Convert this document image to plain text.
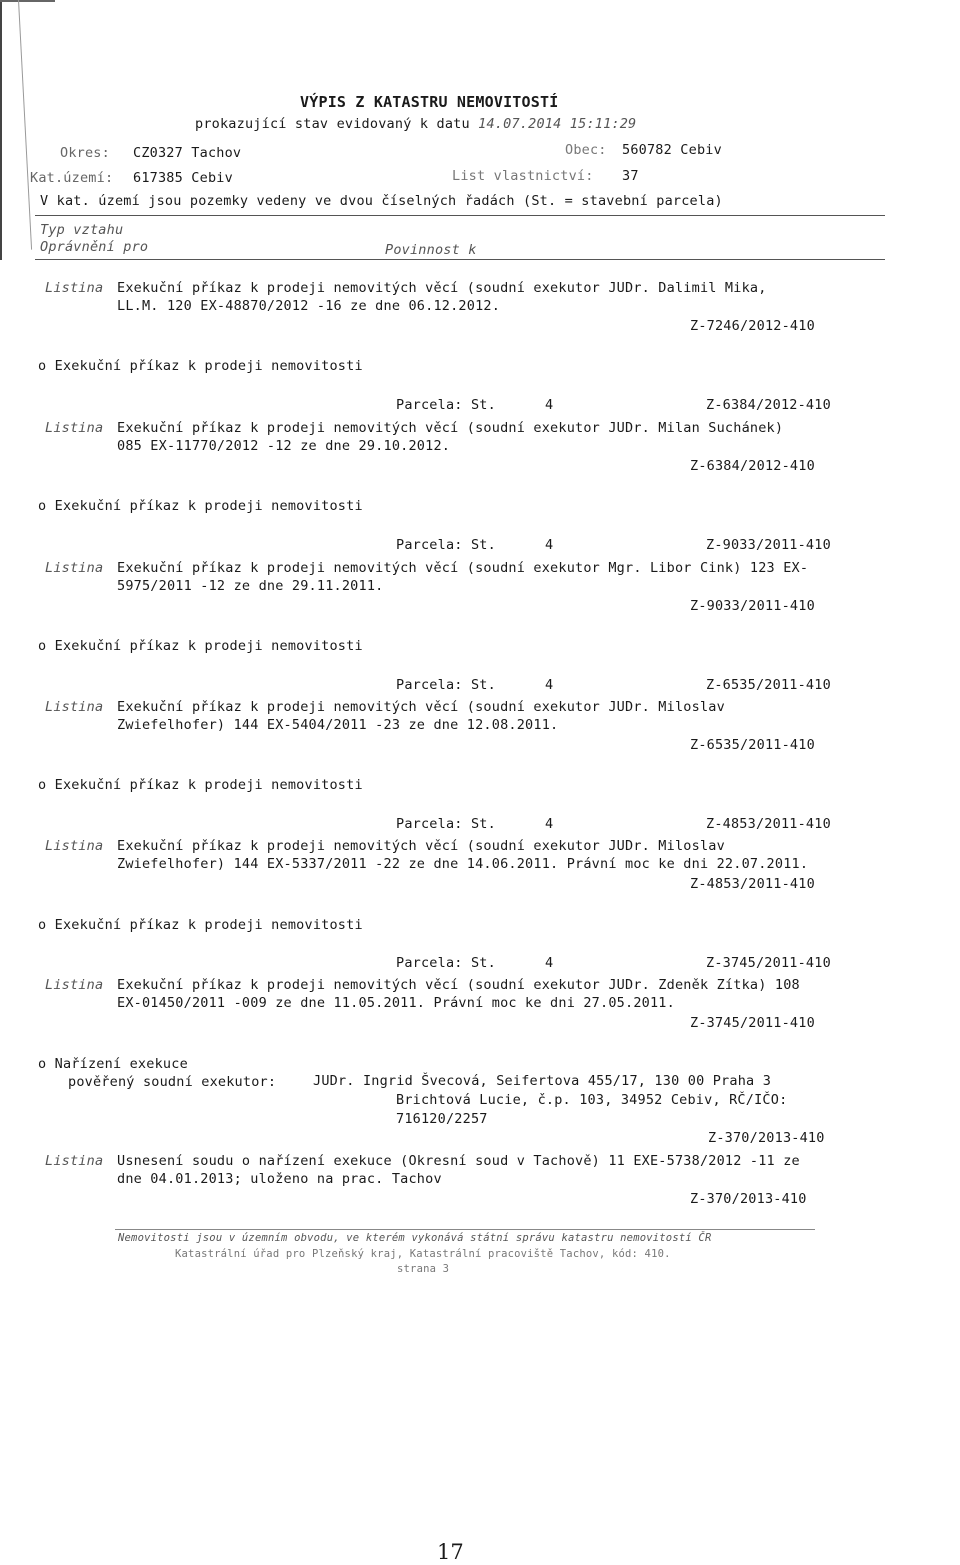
VÝPIS Z KATASTRU NEMOVITOSTÍ
prokazující stav evidovaný k datu 14.07.2014 15:11:29
Okres: CZ0327 Tachov	Obec: 560782 Cebiv
Kat.území: 617385 Cebiv	List vlastnictví: 37
V kat. území jsou pozemky vedeny ve dvou číselných řadách (St. = stavební parcela)
Typ vztahu
Oprávnění pro	Povinnost k
Listina Exekuční příkaz k prodeji nemovitých věcí (soudní exekutor JUDr. Dalimil Mika,
LL.M. 120 EX-48870/2012 -16 ze dne 06.12.2012.
Z-7246/2012-410
o Exekuční příkaz k prodeji nemovitosti
Parcela: St.	4	Z-6384/2012-410
Listina Exekuční příkaz k prodeji nemovitých věcí (soudní exekutor JUDr. Milan Suchánek)
085 EX-11770/2012 -12 ze dne 29.10.2012.
Z-6384/2012-410
o Exekuční příkaz k prodeji nemovitosti
Parcela: St.	4	Z-9033/2011-410
Listina Exekuční příkaz k prodeji nemovitých věcí (soudní exekutor Mgr. Libor Cink) 123 EX-
5975/2011 -12 ze dne 29.11.2011.
Z-9033/2011-410
o Exekuční příkaz k prodeji nemovitosti
Parcela: St.	4	Z-6535/2011-410
Listina Exekuční příkaz k prodeji nemovitých věcí (soudní exekutor JUDr. Miloslav
Zwiefelhofer) 144 EX-5404/2011 -23 ze dne 12.08.2011.
Z-6535/2011-410
o Exekuční příkaz k prodeji nemovitosti
Parcela: St.	4	Z-4853/2011-410
Listina Exekuční příkaz k prodeji nemovitých věcí (soudní exekutor JUDr. Miloslav
Zwiefelhofer) 144 EX-5337/2011 -22 ze dne 14.06.2011. Právní moc ke dni 22.07.2011.
Z-4853/2011-410
o Exekuční příkaz k prodeji nemovitosti
Parcela: St.	4	Z-3745/2011-410
Listina Exekuční příkaz k prodeji nemovitých věcí (soudní exekutor JUDr. Zdeněk Zítka) 108
EX-01450/2011 -009 ze dne 11.05.2011. Právní moc ke dni 27.05.2011.
Z-3745/2011-410
o Nařízení exekuce
pověřený soudní exekutor:	JUDr. Ingrid Švecová, Seifertova 455/17, 130 00 Praha 3
Brichtová Lucie, č.p. 103, 34952 Cebiv, RČ/IČO:
716120/2257
Z-370/2013-410
Listina Usnesení soudu o nařízení exekuce (Okresní soud v Tachově) 11 EXE-5738/2012 -11 ze
dne 04.01.2013; uloženo na prac. Tachov
Z-370/2013-410
Nemovitosti jsou v územním obvodu, ve kterém vykonává státní správu katastru nemovitostí ČR
Katastrální úřad pro Plzeňský kraj, Katastrální pracoviště Tachov, kód: 410.
strana 3
17
